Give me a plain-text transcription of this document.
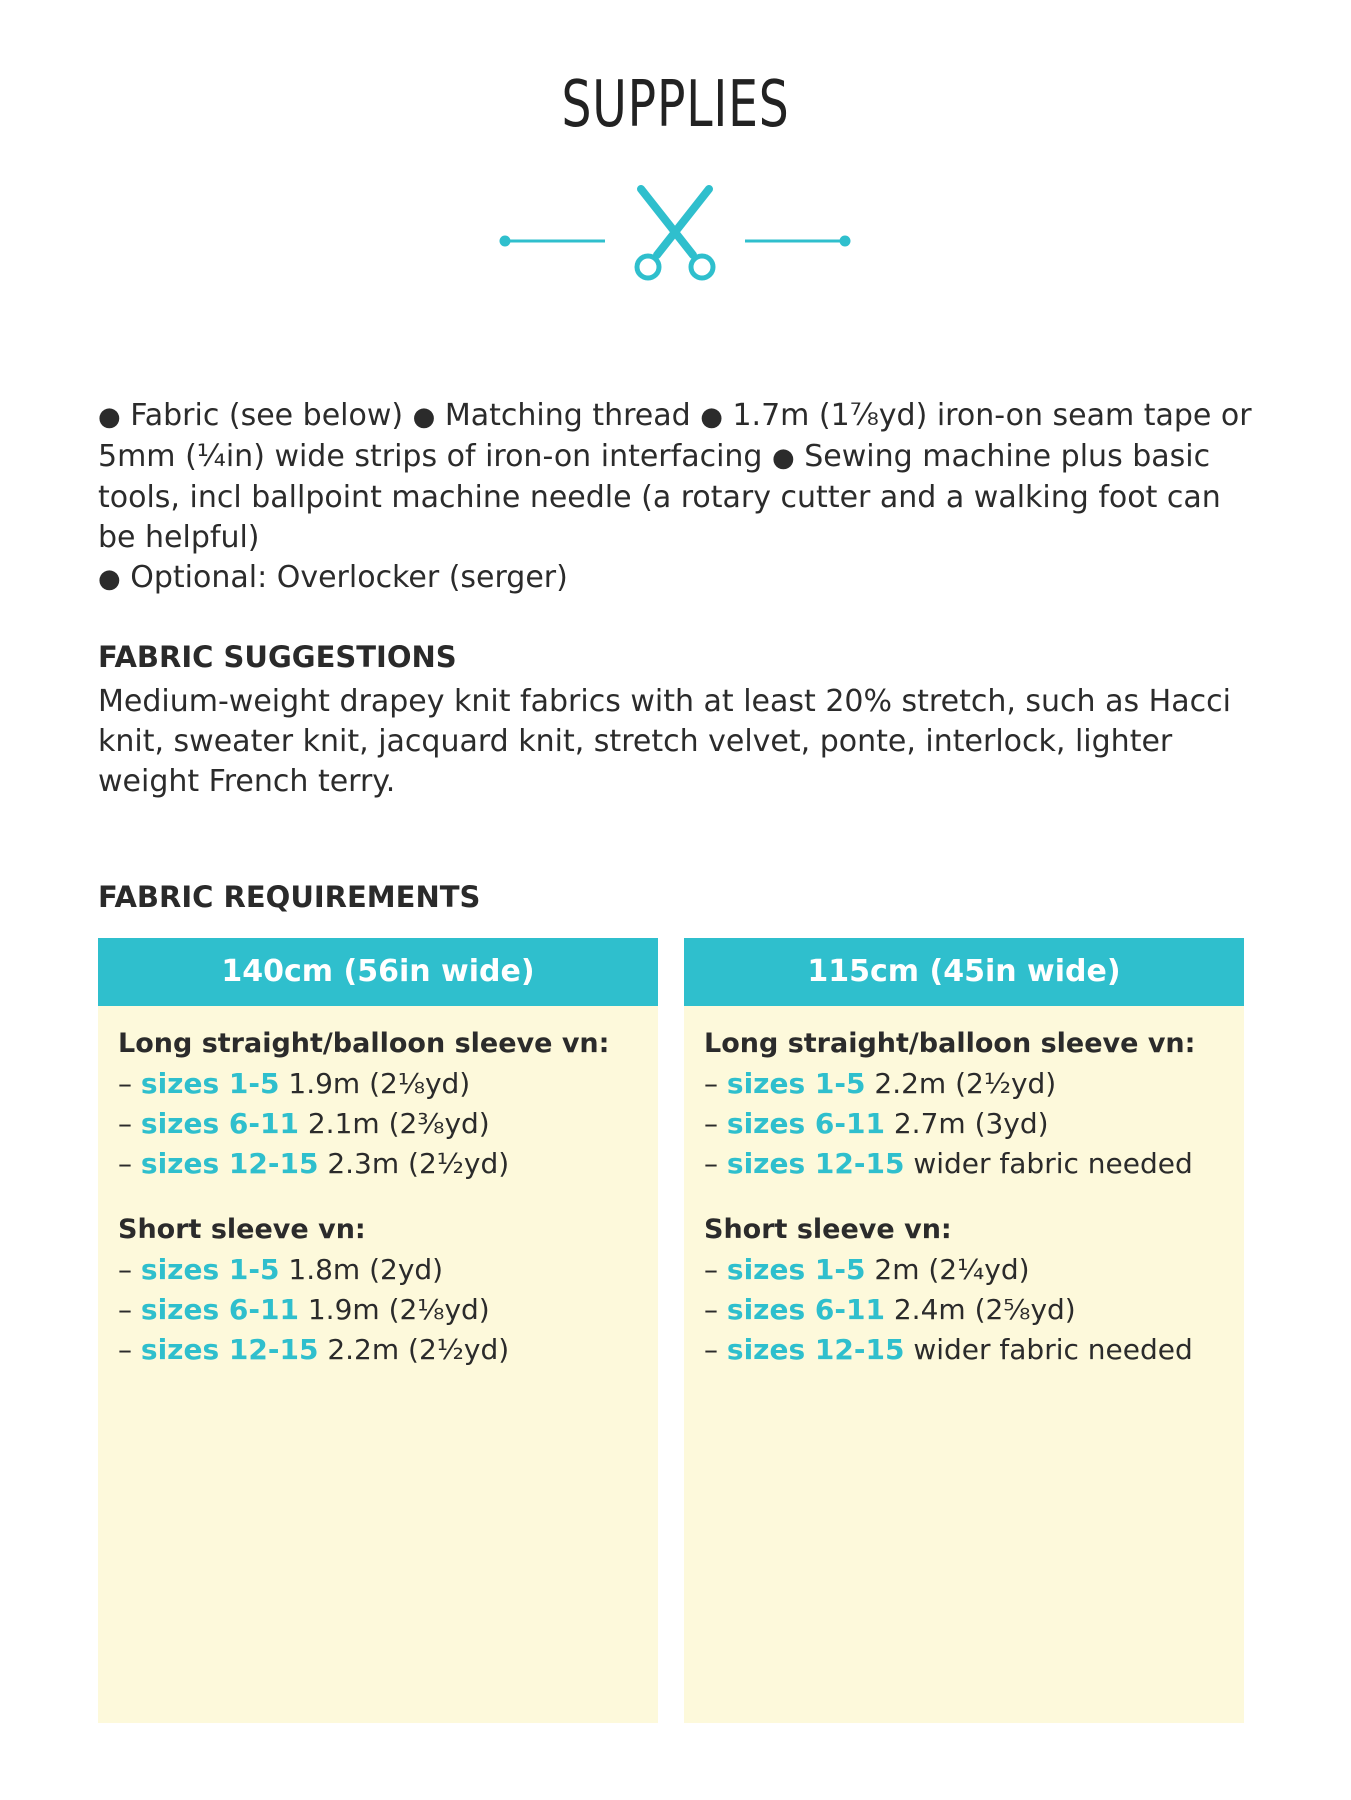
SUPPLIES
● Fabric (see below) ● Matching thread ● 1.7m (1⅞yd) iron-on seam tape or 5mm (¼in) wide strips of iron-on interfacing ● Sewing machine plus basic tools, incl ballpoint machine needle (a rotary cutter and a walking foot can be helpful)
● Optional: Overlocker (serger)
FABRIC SUGGESTIONS
Medium-weight drapey knit fabrics with at least 20% stretch, such as Hacci knit, sweater knit, jacquard knit, stretch velvet, ponte, interlock, lighter weight French terry.
FABRIC REQUIREMENTS
140cm (56in wide)
Long straight/balloon sleeve vn:
– sizes 1-5 1.9m (2⅛yd)
– sizes 6-11 2.1m (2⅜yd)
– sizes 12-15 2.3m (2½yd)
Short sleeve vn:
– sizes 1-5 1.8m (2yd)
– sizes 6-11 1.9m (2⅛yd)
– sizes 12-15 2.2m (2½yd)
115cm (45in wide)
Long straight/balloon sleeve vn:
– sizes 1-5 2.2m (2½yd)
– sizes 6-11 2.7m (3yd)
– sizes 12-15 wider fabric needed
Short sleeve vn:
– sizes 1-5 2m (2¼yd)
– sizes 6-11 2.4m (2⅝yd)
– sizes 12-15 wider fabric needed
